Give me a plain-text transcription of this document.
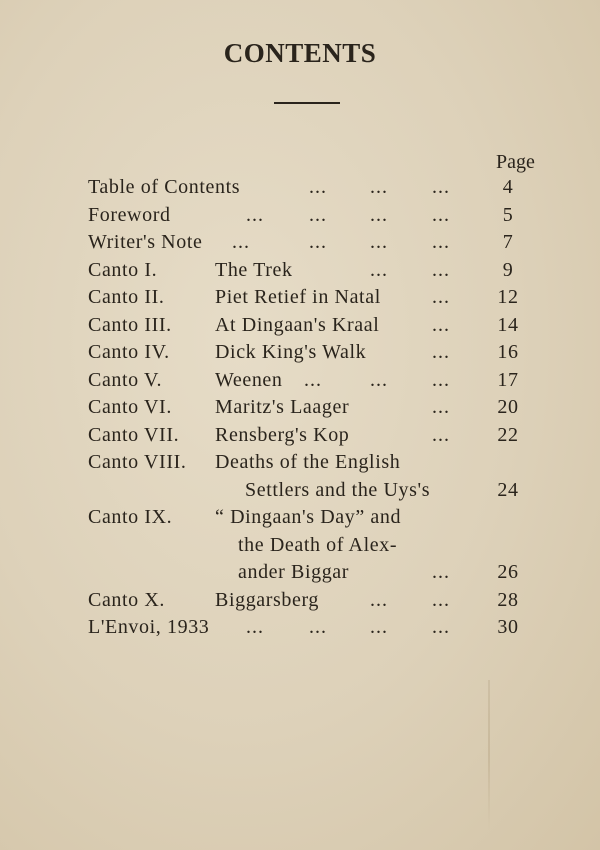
CONTENTS
Page
Table of Contents	... ... ...	4
Foreword	... ... ... ...	5
Writer's Note ...	... ... ...	7
Canto I.	The Trek	... ...	9
Canto II.	Piet Retief in Natal	...	12
Canto III. At Dingaan's Kraal	...	14
Canto IV. Dick King's Walk	...	16
Canto V.	Weenen ... ... ...	17
Canto VI. Maritz's Laager	...	20
Canto VII. Rensberg's Kop	...	22
Canto VIII. Deaths of the English
Settlers and the Uys's	24
Canto IX. “ Dingaan's Day” and
the Death of Alex-
ander Biggar	...	26
Canto X. Biggarsberg	... ...	28
L'Envoi, 1933 ... ... ... ...	30
